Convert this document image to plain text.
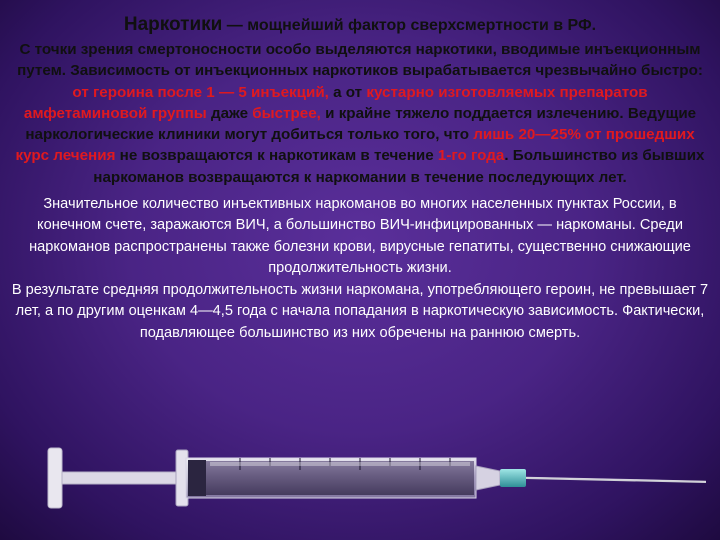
Наркотики — мощнейший фактор сверхсмертности в РФ.
С точки зрения смертоносности особо выделяются наркотики, вводимые инъекционным путем. Зависимость от инъекционных наркотиков вырабатывается чрезвычайно быстро: от героина после 1 — 5 инъекций, а от кустарно изготовляемых препаратов амфетаминовой группы даже быстрее, и крайне тяжело поддается излечению. Ведущие наркологические клиники могут добиться только того, что лишь 20—25% от прошедших курс лечения не возвращаются к наркотикам в течение 1-го года. Большинство из бывших наркоманов возвращаются к наркомании в течение последующих лет.
Значительное количество инъективных наркоманов во многих населенных пунктах России, в конечном счете, заражаются ВИЧ, а большинство ВИЧ-инфицированных — наркоманы. Среди наркоманов распространены также болезни крови, вирусные гепатиты, существенно снижающие продолжительность жизни.
В результате средняя продолжительность жизни наркомана, употребляющего героин, не превышает 7 лет, а по другим оценкам 4—4,5 года с начала попадания в наркотическую зависимость. Фактически, подавляющее большинство из них обречены на раннюю смерть.
